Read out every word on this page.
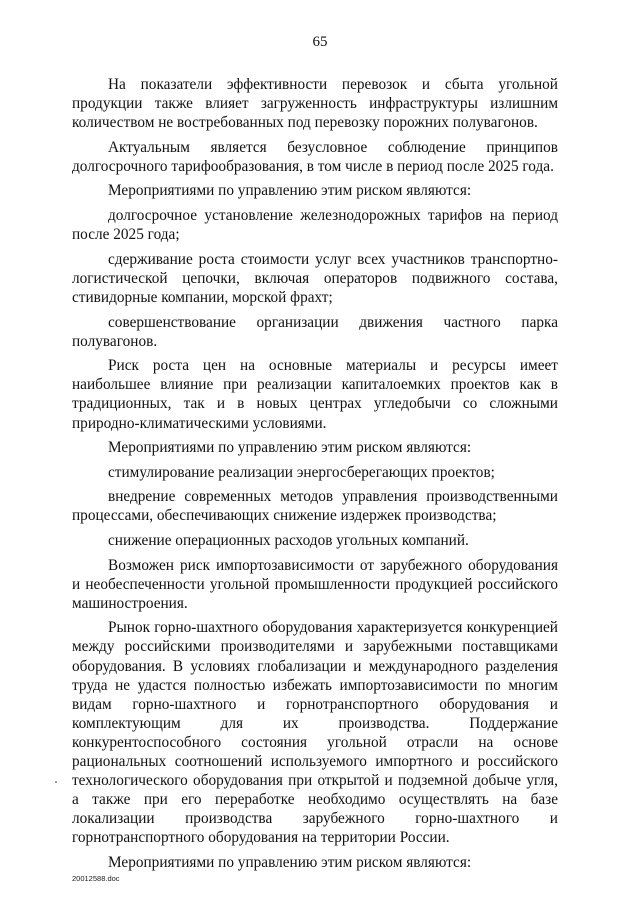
65

На показатели эффективности перевозок и сбыта угольной продукции также влияет загруженность инфраструктуры излишним количеством не востребованных под перевозку порожних полувагонов.

Актуальным является безусловное соблюдение принципов долгосрочного тарифообразования, в том числе в период после 2025 года.

Мероприятиями по управлению этим риском являются:

долгосрочное установление железнодорожных тарифов на период после 2025 года;

сдерживание роста стоимости услуг всех участников транспортно-логистической цепочки, включая операторов подвижного состава, стивидорные компании, морской фрахт;

совершенствование организации движения частного парка полувагонов.

Риск роста цен на основные материалы и ресурсы имеет наибольшее влияние при реализации капиталоемких проектов как в традиционных, так и в новых центрах угледобычи со сложными природно-климатическими условиями.

Мероприятиями по управлению этим риском являются:

стимулирование реализации энергосберегающих проектов;

внедрение современных методов управления производственными процессами, обеспечивающих снижение издержек производства;

снижение операционных расходов угольных компаний.

Возможен риск импортозависимости от зарубежного оборудования и необеспеченности угольной промышленности продукцией российского машиностроения.

Рынок горно-шахтного оборудования характеризуется конкуренцией между российскими производителями и зарубежными поставщиками оборудования. В условиях глобализации и международного разделения труда не удастся полностью избежать импортозависимости по многим видам горно-шахтного и горнотранспортного оборудования и комплектующим для их производства. Поддержание конкурентоспособного состояния угольной отрасли на основе рациональных соотношений используемого импортного и российского технологического оборудования при открытой и подземной добыче угля, а также при его переработке необходимо осуществлять на базе локализации производства зарубежного горно-шахтного и горнотранспортного оборудования на территории России.

Мероприятиями по управлению этим риском являются:

20012588.doc
